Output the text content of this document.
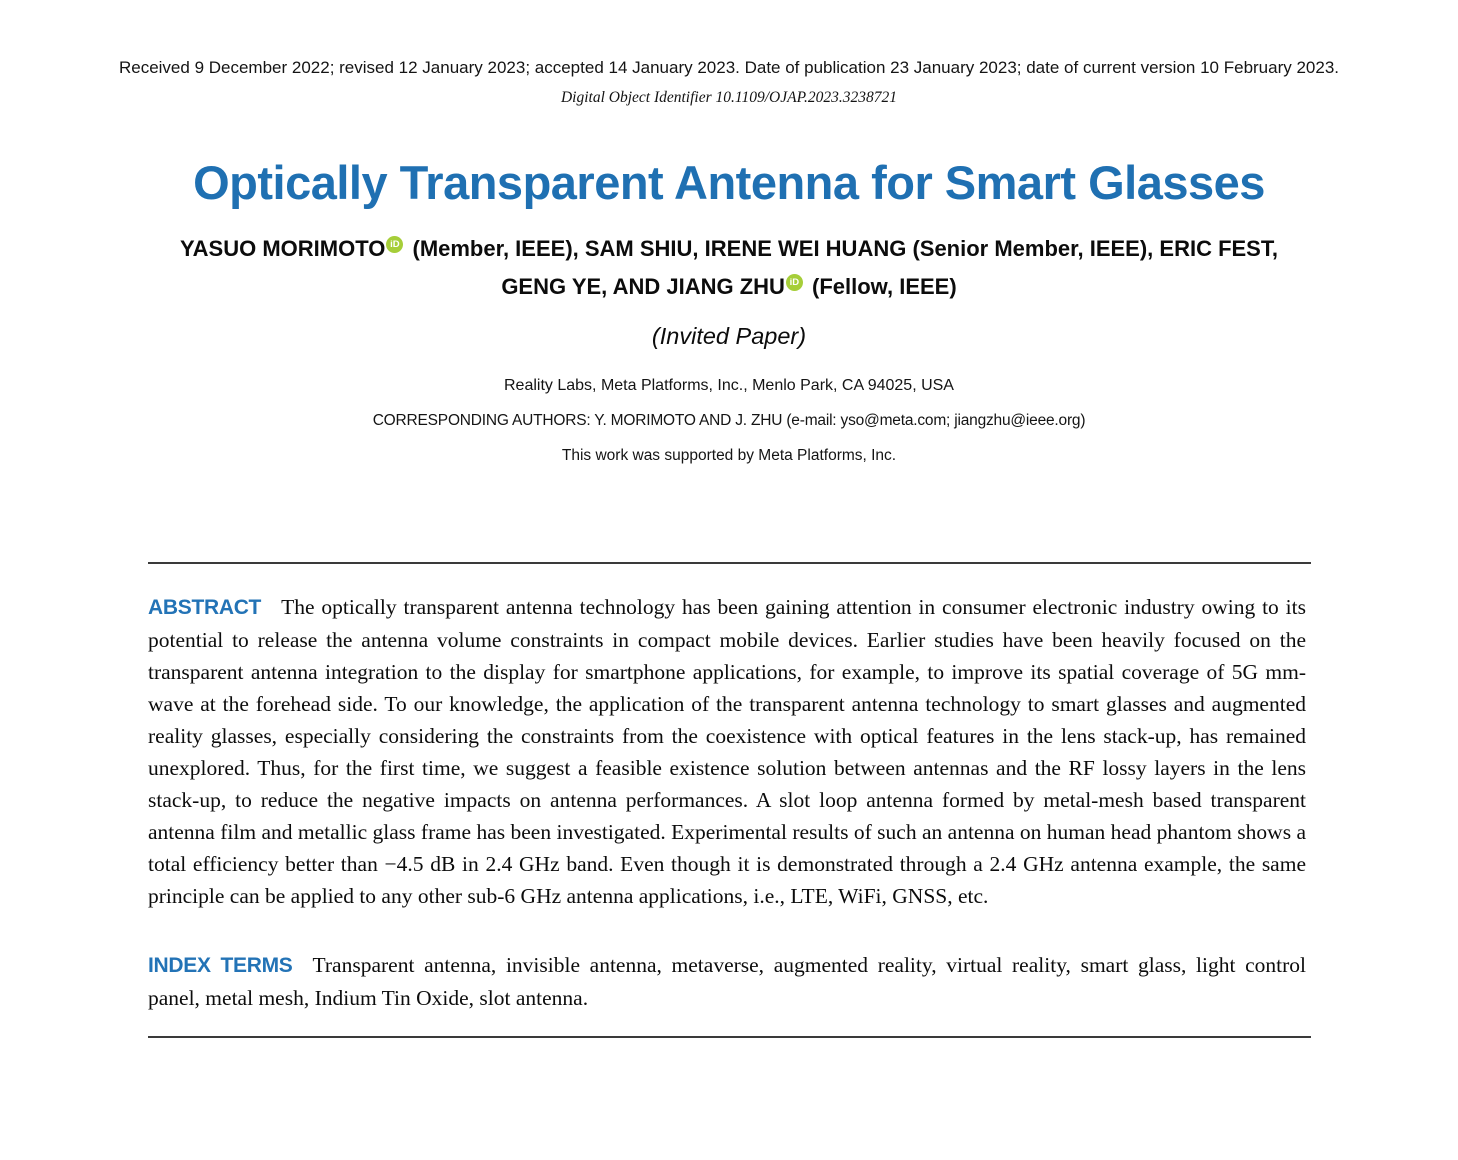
Received 9 December 2022; revised 12 January 2023; accepted 14 January 2023. Date of publication 23 January 2023; date of current version 10 February 2023.
Digital Object Identifier 10.1109/OJAP.2023.3238721
Optically Transparent Antenna for Smart Glasses
YASUO MORIMOTO iD (Member, IEEE), SAM SHIU, IRENE WEI HUANG (Senior Member, IEEE), ERIC FEST,
GENG YE, AND JIANG ZHU iD (Fellow, IEEE)
(Invited Paper)
Reality Labs, Meta Platforms, Inc., Menlo Park, CA 94025, USA
CORRESPONDING AUTHORS: Y. MORIMOTO AND J. ZHU (e-mail: yso@meta.com; jiangzhu@ieee.org)
This work was supported by Meta Platforms, Inc.

ABSTRACT The optically transparent antenna technology has been gaining attention in consumer electronic industry owing to its potential to release the antenna volume constraints in compact mobile devices. Earlier studies have been heavily focused on the transparent antenna integration to the display for smartphone applications, for example, to improve its spatial coverage of 5G mm-wave at the forehead side. To our knowledge, the application of the transparent antenna technology to smart glasses and augmented reality glasses, especially considering the constraints from the coexistence with optical features in the lens stack-up, has remained unexplored. Thus, for the first time, we suggest a feasible existence solution between antennas and the RF lossy layers in the lens stack-up, to reduce the negative impacts on antenna performances. A slot loop antenna formed by metal-mesh based transparent antenna film and metallic glass frame has been investigated. Experimental results of such an antenna on human head phantom shows a total efficiency better than −4.5 dB in 2.4 GHz band. Even though it is demonstrated through a 2.4 GHz antenna example, the same principle can be applied to any other sub-6 GHz antenna applications, i.e., LTE, WiFi, GNSS, etc.

INDEX TERMS Transparent antenna, invisible antenna, metaverse, augmented reality, virtual reality, smart glass, light control panel, metal mesh, Indium Tin Oxide, slot antenna.
